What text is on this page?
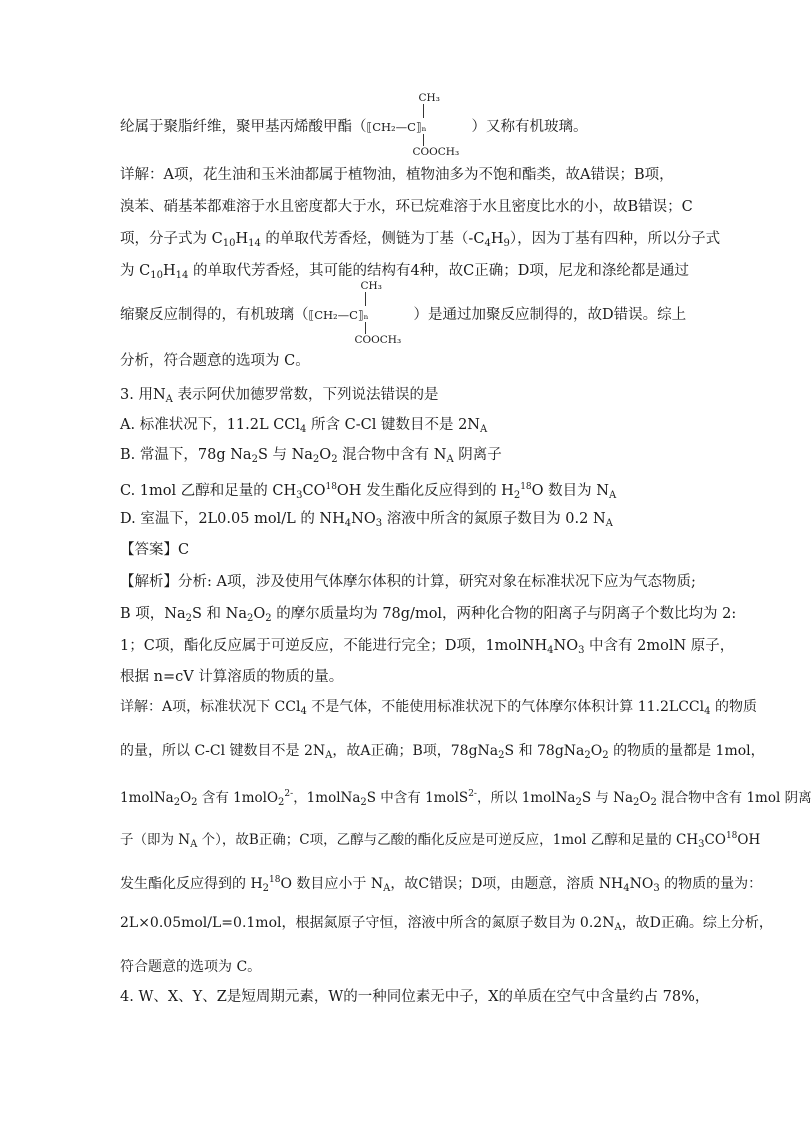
纶属于聚脂纤维，聚甲基丙烯酸甲酯（
CH₃
⟦CH₂—C⟧ₙ
COOCH₃
）又称有机玻璃。
详解：A项，花生油和玉米油都属于植物油，植物油多为不饱和酯类，故A错误；B项，
溴苯、硝基苯都难溶于水且密度都大于水，环已烷难溶于水且密度比水的小，故B错误；C
项，分子式为 $C_{10}H_{14}$ 的单取代芳香烃，侧链为丁基$(-C_4H_9)$，因为丁基有四种，所以分子式
为 $C_{10}H_{14}$ 的单取代芳香烃，其可能的结构有4种，故C正确；D项，尼龙和涤纶都是通过
缩聚反应制得的，有机玻璃（
CH₃
⟦CH₂—C⟧ₙ
COOCH₃
）是通过加聚反应制得的，故D错误。综上
分析，符合题意的选项为 C。
3. 用$N_A$ 表示阿伏加德罗常数，下列说法错误的是
A. 标准状况下，11.2L CCl$_4$ 所含 C-Cl 键数目不是 $2N_A$
B. 常温下，78g $Na_2S$ 与 $Na_2O_2$ 混合物中含有 $N_A$ 阴离子
C. 1mol 乙醇和足量的 $CH_3CO^{18}OH$ 发生酯化反应得到的 $H_2^{18}O$ 数目为 $N_A$
D. 室温下，2L0.05 mol/L 的 $NH_4NO_3$ 溶液中所含的氮原子数目为 0.2 $N_A$
【答案】C
【解析】分析: A项，涉及使用气体摩尔体积的计算，研究对象在标准状况下应为气态物质;
B 项，$Na_2S$ 和 $Na_2O_2$ 的摩尔质量均为 78g/mol，两种化合物的阳离子与阴离子个数比均为 2:
1；C项，酯化反应属于可逆反应，不能进行完全；D项，$1molNH_4NO_3$ 中含有 2molN 原子，
根据 n=cV 计算溶质的物质的量。
详解：A项，标准状况下 CCl$_4$ 不是气体，不能使用标准状况下的气体摩尔体积计算 11.2LCCl$_4$ 的物质
的量，所以 C-Cl 键数目不是 $2N_A$，故A正确；B项，78gNa$_2$S 和 $78gNa_2O_2$ 的物质的量都是 1mol，
$1molNa_2O_2$ 含有 1molO$_2^{2-}$，1molNa$_2$S 中含有 1molS$^{2-}$，所以 1molNa$_2$S 与 $Na_2O_2$ 混合物中含有 1mol 阴离
子（即为 $N_A$ 个），故B正确；C项，乙醇与乙酸的酯化反应是可逆反应，1mol 乙醇和足量的 $CH_3CO^{18}OH$
发生酯化反应得到的 $H_2^{18}O$ 数目应小于 $N_A$，故C错误；D项，由题意，溶质 $NH_4NO_3$ 的物质的量为：
2L×0.05mol/L=0.1mol，根据氮原子守恒，溶液中所含的氮原子数目为 $0.2N_A$，故D正确。综上分析，
符合题意的选项为 C。
4. W、X、Y、Z是短周期元素，W的一种同位素无中子，X的单质在空气中含量约占 78%，
